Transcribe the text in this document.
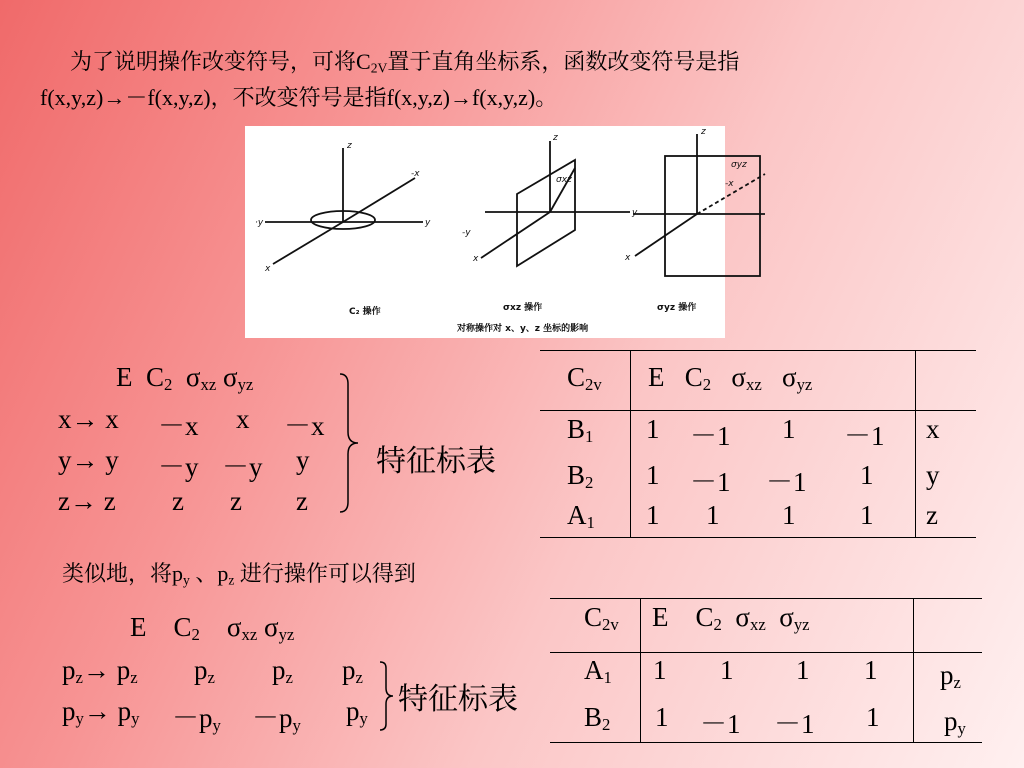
为了说明操作改变符号，可将$C_{2V}$置于直角坐标系，函数改变符号是指
f(x,y,z)→－f(x,y,z)，不改变符号是指f(x,y,z)→f(x,y,z)。
z
-x
y
·y
x
z
σxz
y
-y
x
z
σyz
-x
x
C₂ 操作	σxz 操作	σyz 操作
对称操作对 x、y、z 坐标的影响
E $C_2$ $\sigma_{xz}$ $\sigma_{yz}$
x→ x －x x －x
y→ y －y －y y
z→ z z z z
特征标表
$C_{2v}$ E $C_2$ $\sigma_{xz}$ $\sigma_{yz}$
$B_1$ 1 －1 1 －1 x
$B_2$ 1 －1 －1 1 y
$A_1$ 1 1 1 1 z
类似地，将$p_y$ 、$p_z$ 进行操作可以得到
E $C_2$ $\sigma_{xz}$ $\sigma_{yz}$
$p_z\to p_z$ $p_z$ $p_z$ $p_z$
$p_y\to p_y -p_y -p_y$ $p_y$
特征标表
$C_{2v}$ E $C_2$ $\sigma_{xz}$ $\sigma_{yz}$
$A_1$ 1 1 1 1 $p_z$
$B_2$ 1 －1 －1 1 $p_y$
